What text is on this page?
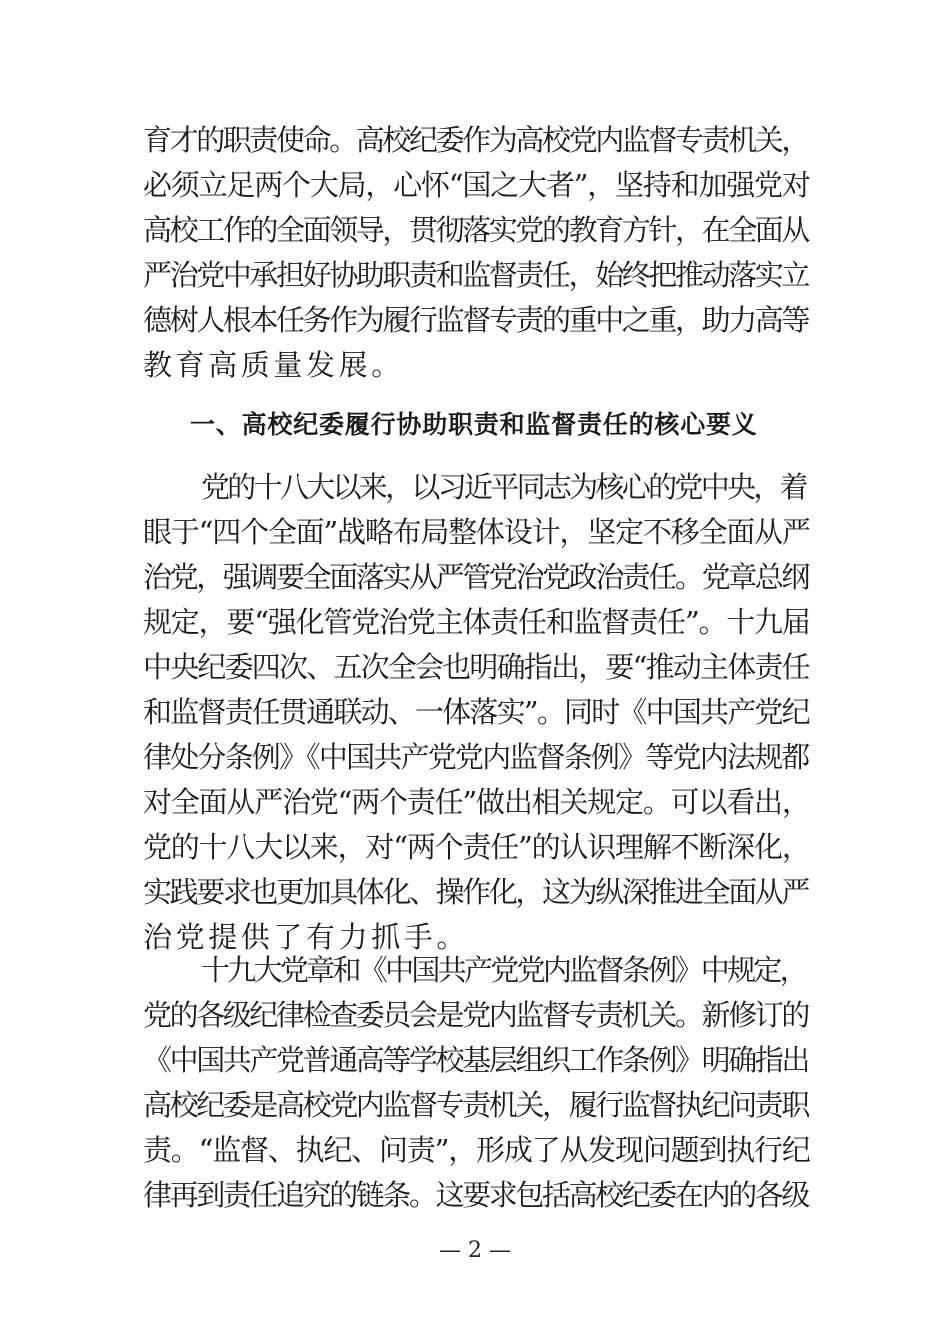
育才的职责使命。高校纪委作为高校党内监督专责机关，
必须立足两个大局，心怀“国之大者”，坚持和加强党对
高校工作的全面领导，贯彻落实党的教育方针，在全面从
严治党中承担好协助职责和监督责任，始终把推动落实立
德树人根本任务作为履行监督专责的重中之重，助力高等
教育高质量发展。
一、高校纪委履行协助职责和监督责任的核心要义
党的十八大以来，以习近平同志为核心的党中央，着
眼于“四个全面”战略布局整体设计，坚定不移全面从严
治党，强调要全面落实从严管党治党政治责任。党章总纲
规定，要“强化管党治党主体责任和监督责任”。十九届
中央纪委四次、五次全会也明确指出，要“推动主体责任
和监督责任贯通联动、一体落实”。同时《中国共产党纪
律处分条例》《中国共产党党内监督条例》等党内法规都
对全面从严治党“两个责任”做出相关规定。可以看出，
党的十八大以来，对“两个责任”的认识理解不断深化，
实践要求也更加具体化、操作化，这为纵深推进全面从严
治党提供了有力抓手。
十九大党章和《中国共产党党内监督条例》中规定，
党的各级纪律检查委员会是党内监督专责机关。新修订的
《中国共产党普通高等学校基层组织工作条例》明确指出
高校纪委是高校党内监督专责机关，履行监督执纪问责职
责。“监督、执纪、问责”，形成了从发现问题到执行纪
律再到责任追究的链条。这要求包括高校纪委在内的各级
— 2 —
